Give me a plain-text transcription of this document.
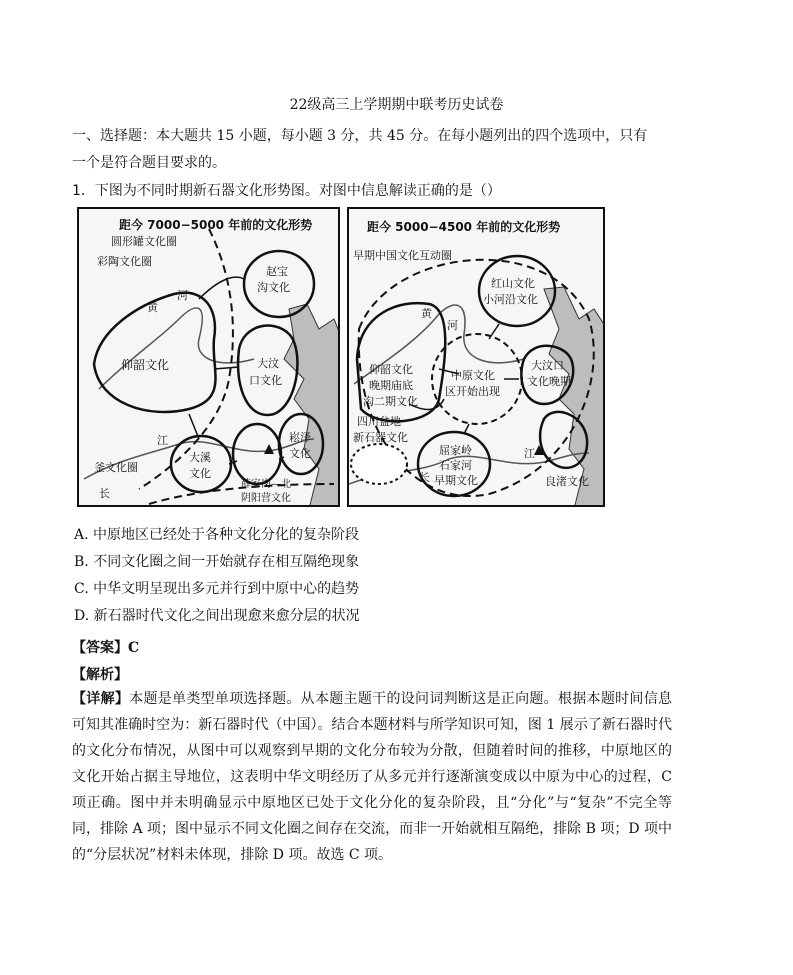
22级高三上学期期中联考历史试卷
一、选择题：本大题共 15 小题，每小题 3 分，共 45 分。在每小题列出的四个选项中，只有
一个是符合题目要求的。
1．下图为不同时期新石器文化形势图。对图中信息解读正确的是（）
距今 7000−5000 年前的文化形势
圆形罐文化圈
彩陶文化圈
赵宝
沟文化
黄
河
仰韶文化	大汶
口文化
江
大溪
文化
崧泽
文化
釜文化圈
长
薛家岗—北
阴阳营文化
距今 5000−4500 年前的文化形势
早期中国文化互动圈
红山文化
小河沿文化
黄
河
仰韶文化
晚期庙底
沟二期文化
中原文化
区开始出现
大汶口
文化晚期
四川盆地
新石器文化
屈家岭
石家河
早期文化
江
长	良渚文化
A. 中原地区已经处于各种文化分化的复杂阶段
B. 不同文化圈之间一开始就存在相互隔绝现象
C. 中华文明呈现出多元并行到中原中心的趋势
D. 新石器时代文化之间出现愈来愈分层的状况
【答案】C
【解析】
【详解】本题是单类型单项选择题。从本题主题干的设问词判断这是正向题。根据本题时间信息可知其准确时空为：新石器时代（中国）。结合本题材料与所学知识可知，图 1 展示了新石器时代的文化分布情况，从图中可以观察到早期的文化分布较为分散，但随着时间的推移，中原地区的文化开始占据主导地位，这表明中华文明经历了从多元并行逐渐演变成以中原为中心的过程，C 项正确。图中并未明确显示中原地区已处于文化分化的复杂阶段，且“分化”与“复杂”不完全等同，排除 A 项；图中显示不同文化圈之间存在交流，而非一开始就相互隔绝，排除 B 项；D 项中的“分层状况”材料未体现，排除 D 项。故选 C 项。
